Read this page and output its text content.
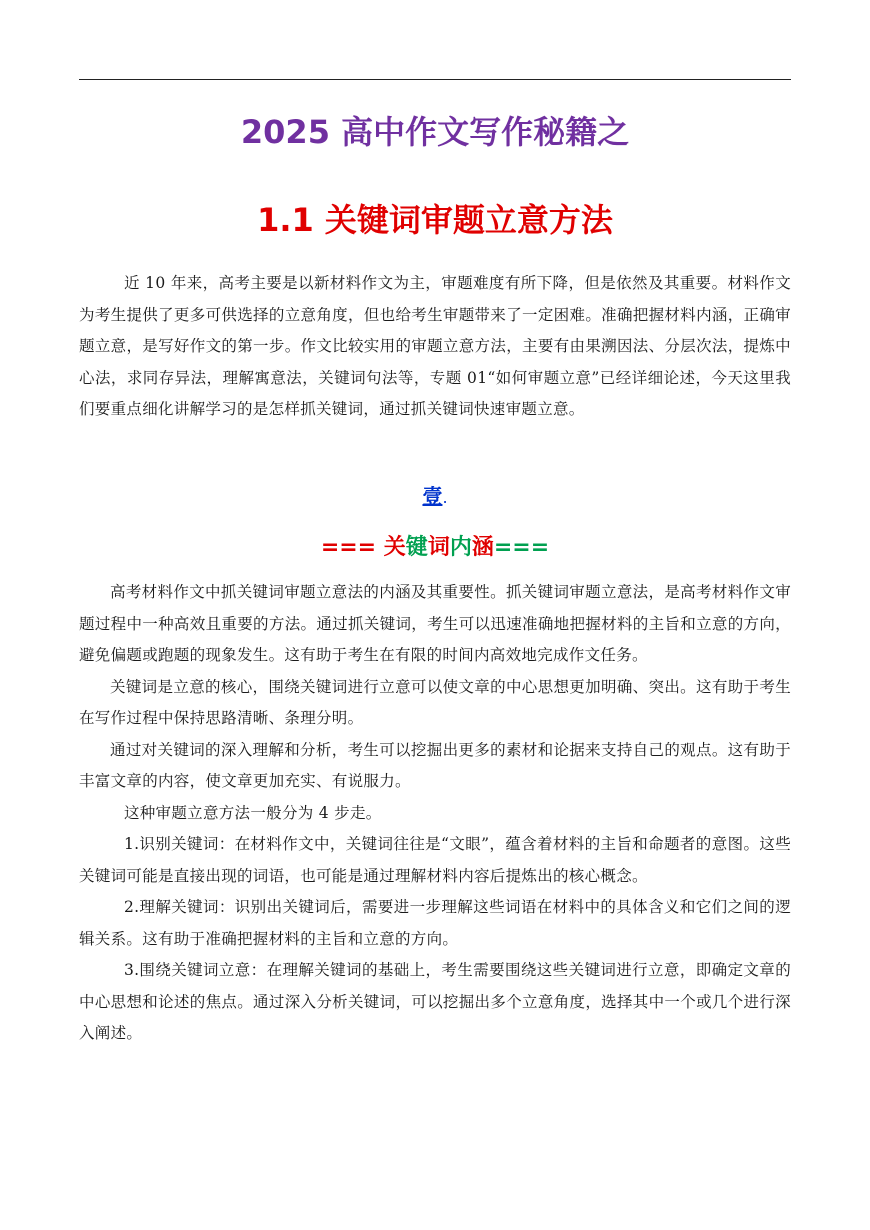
2025 高中作文写作秘籍之
1.1 关键词审题立意方法

近 10 年来，高考主要是以新材料作文为主，审题难度有所下降，但是依然及其重要。材料作文为考生提供了更多可供选择的立意角度，但也给考生审题带来了一定困难。准确把握材料内涵，正确审题立意，是写好作文的第一步。作文比较实用的审题立意方法，主要有由果溯因法、分层次法，提炼中心法，求同存异法，理解寓意法，关键词句法等，专题 01“如何审题立意”已经详细论述，今天这里我们要重点细化讲解学习的是怎样抓关键词，通过抓关键词快速审题立意。

壹.
=== 关键词内涵===

高考材料作文中抓关键词审题立意法的内涵及其重要性。抓关键词审题立意法，是高考材料作文审题过程中一种高效且重要的方法。通过抓关键词，考生可以迅速准确地把握材料的主旨和立意的方向，避免偏题或跑题的现象发生。这有助于考生在有限的时间内高效地完成作文任务。

关键词是立意的核心，围绕关键词进行立意可以使文章的中心思想更加明确、突出。这有助于考生在写作过程中保持思路清晰、条理分明。

通过对关键词的深入理解和分析，考生可以挖掘出更多的素材和论据来支持自己的观点。这有助于丰富文章的内容，使文章更加充实、有说服力。

这种审题立意方法一般分为 4 步走。

1.识别关键词：在材料作文中，关键词往往是“文眼”，蕴含着材料的主旨和命题者的意图。这些关键词可能是直接出现的词语，也可能是通过理解材料内容后提炼出的核心概念。

2.理解关键词：识别出关键词后，需要进一步理解这些词语在材料中的具体含义和它们之间的逻辑关系。这有助于准确把握材料的主旨和立意的方向。

3.围绕关键词立意：在理解关键词的基础上，考生需要围绕这些关键词进行立意，即确定文章的中心思想和论述的焦点。通过深入分析关键词，可以挖掘出多个立意角度，选择其中一个或几个进行深入阐述。
